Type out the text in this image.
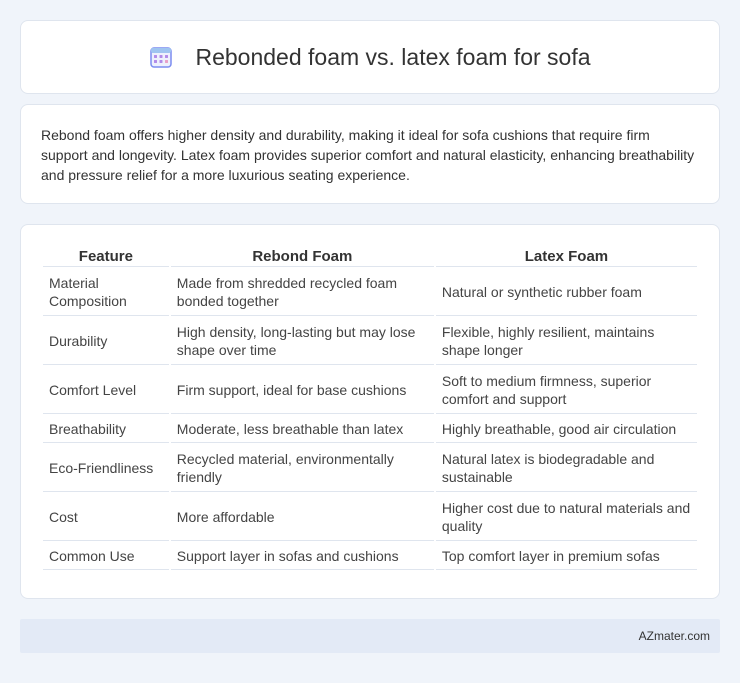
Rebonded foam vs. latex foam for sofa

Rebond foam offers higher density and durability, making it ideal for sofa cushions that require firm support and longevity. Latex foam provides superior comfort and natural elasticity, enhancing breathability and pressure relief for a more luxurious seating experience.

Feature	Rebond Foam	Latex Foam
Material Composition	Made from shredded recycled foam bonded together	Natural or synthetic rubber foam
Durability	High density, long-lasting but may lose shape over time	Flexible, highly resilient, maintains shape longer
Comfort Level	Firm support, ideal for base cushions	Soft to medium firmness, superior comfort and support
Breathability	Moderate, less breathable than latex	Highly breathable, good air circulation
Eco-Friendliness	Recycled material, environmentally friendly	Natural latex is biodegradable and sustainable
Cost	More affordable	Higher cost due to natural materials and quality
Common Use	Support layer in sofas and cushions	Top comfort layer in premium sofas
AZmater.com
